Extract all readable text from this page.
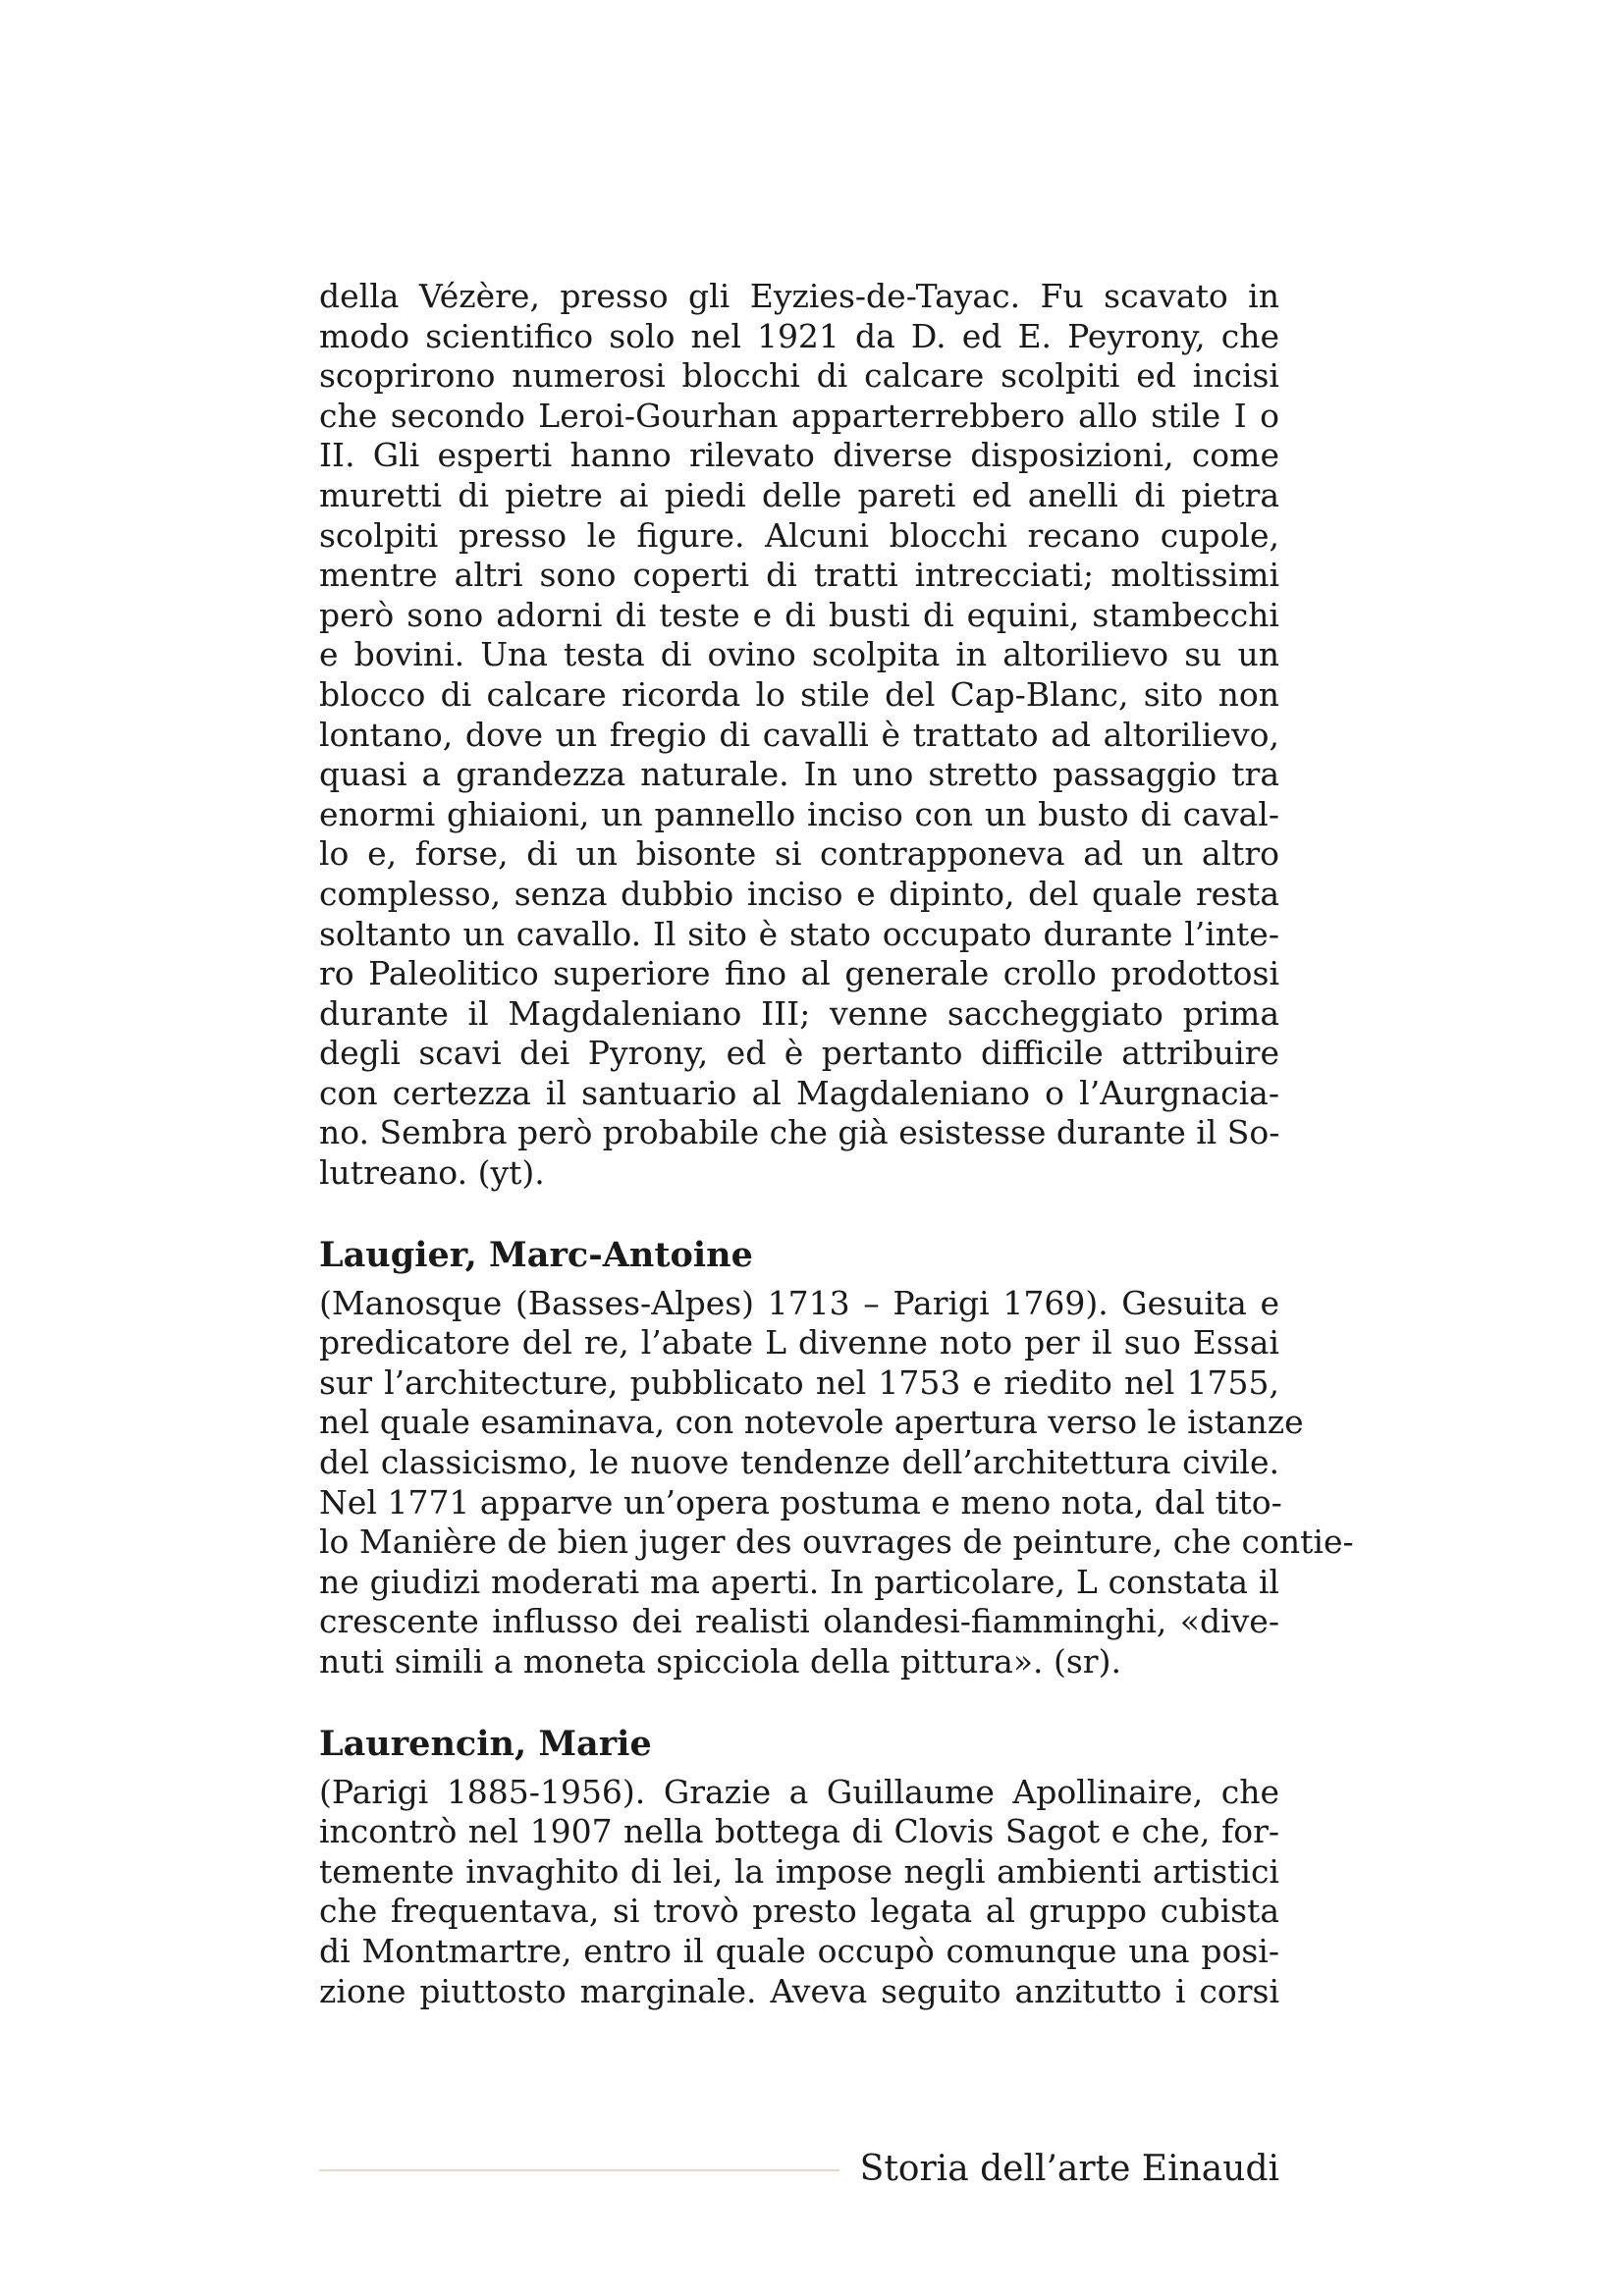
della Vézère, presso gli Eyzies-de-Tayac. Fu scavato in
modo scientifico solo nel 1921 da D. ed E. Peyrony, che
scoprirono numerosi blocchi di calcare scolpiti ed incisi
che secondo Leroi-Gourhan apparterrebbero allo stile I o
II. Gli esperti hanno rilevato diverse disposizioni, come
muretti di pietre ai piedi delle pareti ed anelli di pietra
scolpiti presso le figure. Alcuni blocchi recano cupole,
mentre altri sono coperti di tratti intrecciati; moltissimi
però sono adorni di teste e di busti di equini, stambecchi
e bovini. Una testa di ovino scolpita in altorilievo su un
blocco di calcare ricorda lo stile del Cap-Blanc, sito non
lontano, dove un fregio di cavalli è trattato ad altorilievo,
quasi a grandezza naturale. In uno stretto passaggio tra
enormi ghiaioni, un pannello inciso con un busto di caval-
lo e, forse, di un bisonte si contrapponeva ad un altro
complesso, senza dubbio inciso e dipinto, del quale resta
soltanto un cavallo. Il sito è stato occupato durante l’inte-
ro Paleolitico superiore fino al generale crollo prodottosi
durante il Magdaleniano III; venne saccheggiato prima
degli scavi dei Pyrony, ed è pertanto difficile attribuire
con certezza il santuario al Magdaleniano o l’Aurgnacia-
no. Sembra però probabile che già esistesse durante il So-
lutreano. (yt).

Laugier, Marc-Antoine

(Manosque (Basses-Alpes) 1713 – Parigi 1769). Gesuita e
predicatore del re, l’abate L divenne noto per il suo Essai
sur l’architecture, pubblicato nel 1753 e riedito nel 1755,
nel quale esaminava, con notevole apertura verso le istanze
del classicismo, le nuove tendenze dell’architettura civile.
Nel 1771 apparve un’opera postuma e meno nota, dal tito-
lo Manière de bien juger des ouvrages de peinture, che contie-
ne giudizi moderati ma aperti. In particolare, L constata il
crescente influsso dei realisti olandesi-fiamminghi, «dive-
nuti simili a moneta spicciola della pittura». (sr).

Laurencin, Marie

(Parigi 1885-1956). Grazie a Guillaume Apollinaire, che
incontrò nel 1907 nella bottega di Clovis Sagot e che, for-
temente invaghito di lei, la impose negli ambienti artistici
che frequentava, si trovò presto legata al gruppo cubista
di Montmartre, entro il quale occupò comunque una posi-
zione piuttosto marginale. Aveva seguito anzitutto i corsi

Storia dell’arte Einaudi
